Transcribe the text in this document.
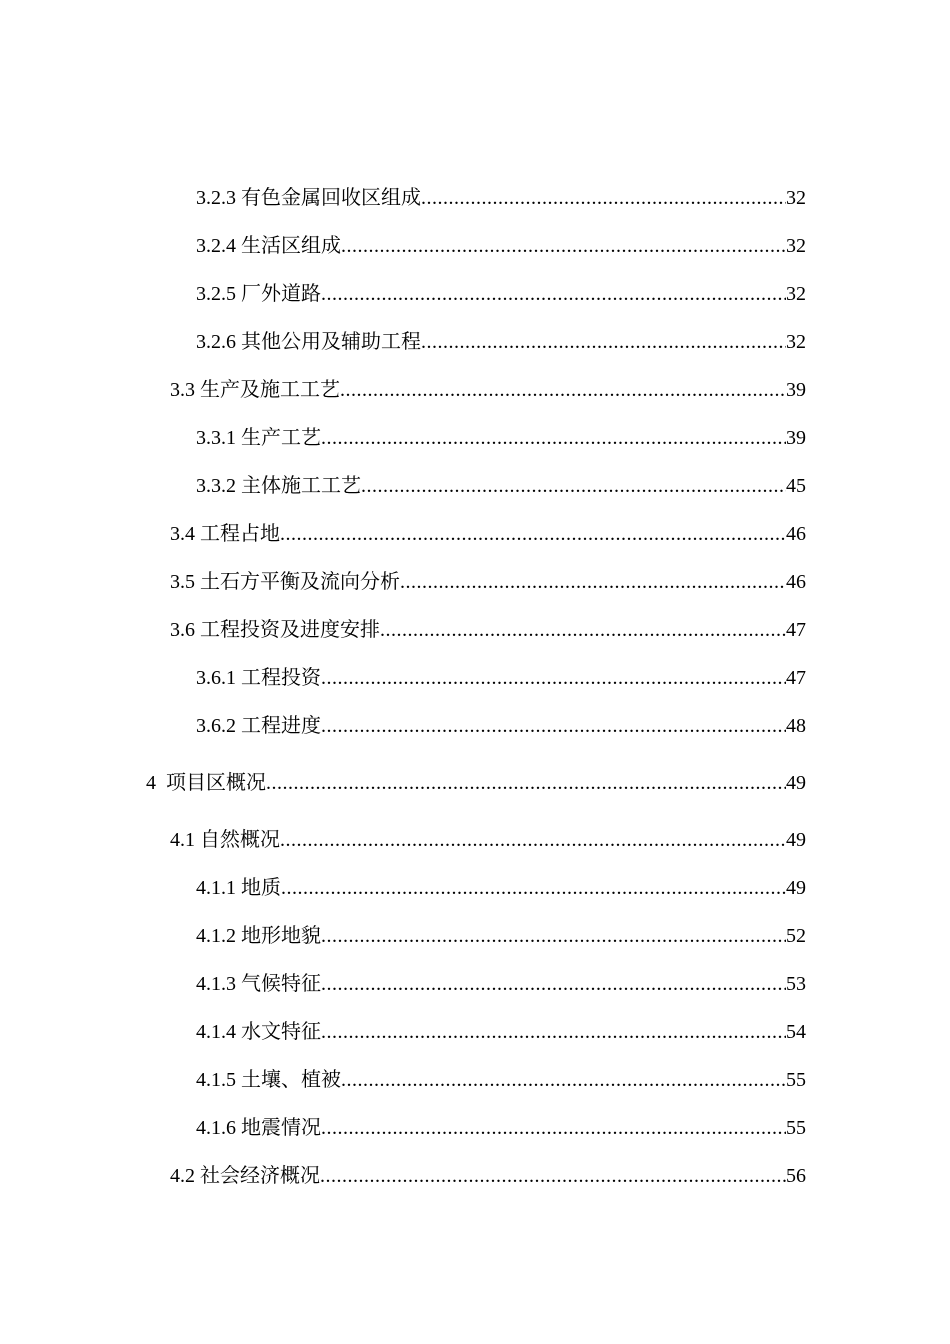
3.2.3 有色金属回收区组成 .....	32
3.2.4 生活区组成 .....	32
3.2.5 厂外道路 .....	32
3.2.6 其他公用及辅助工程 .....	32
3.3 生产及施工工艺 .....	39
3.3.1 生产工艺 .....	39
3.3.2 主体施工工艺 .....	45
3.4 工程占地 .....	46
3.5 土石方平衡及流向分析 .....	46
3.6 工程投资及进度安排 .....	47
3.6.1 工程投资 .....	47
3.6.2 工程进度 .....	48
4  项目区概况 .....	49
4.1 自然概况 .....	49
4.1.1 地质 .....	49
4.1.2 地形地貌 .....	52
4.1.3 气候特征 .....	53
4.1.4 水文特征 .....	54
4.1.5 土壤、植被 .....	55
4.1.6 地震情况 .....	55
4.2 社会经济概况 .....	56
